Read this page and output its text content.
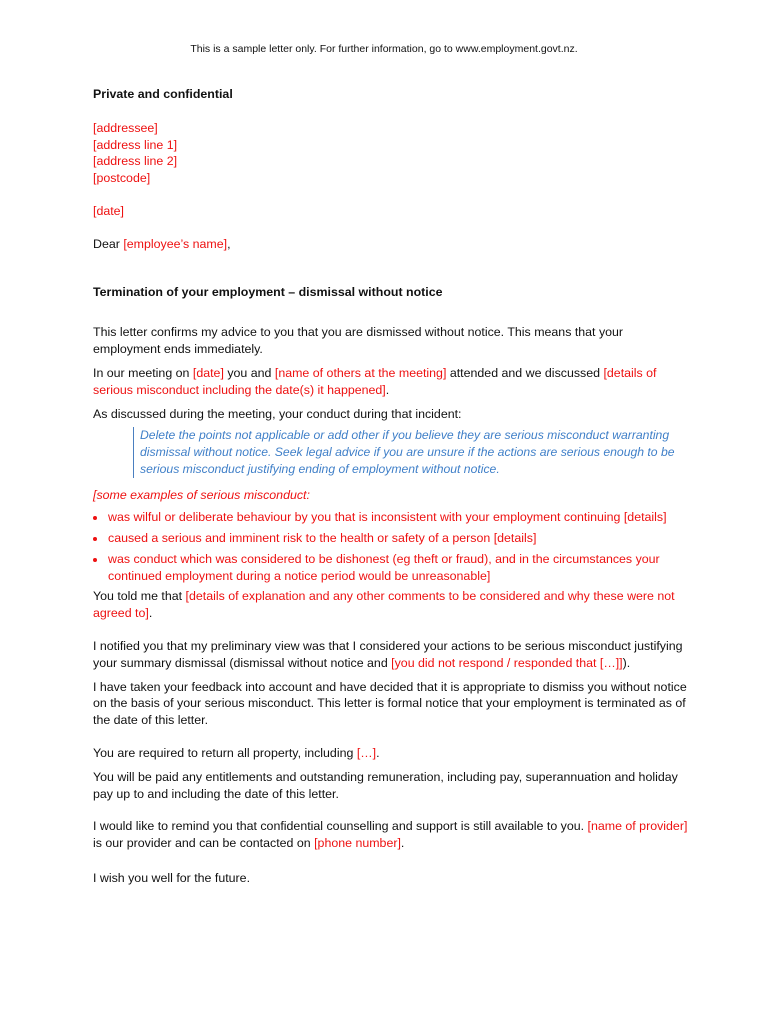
This is a sample letter only. For further information, go to www.employment.govt.nz.

Private and confidential

[addressee]

[address line 1]

[address line 2]

[postcode]

[date]

Dear [employee’s name],

Termination of your employment – dismissal without notice

This letter confirms my advice to you that you are dismissed without notice. This means that your employment ends immediately.

In our meeting on [date] you and [name of others at the meeting] attended and we discussed [details of serious misconduct including the date(s) it happened].

As discussed during the meeting, your conduct during that incident:

Delete the points not applicable or add other if you believe they are serious misconduct warranting dismissal without notice. Seek legal advice if you are unsure if the actions are serious enough to be serious misconduct justifying ending of employment without notice.

[some examples of serious misconduct:

was wilful or deliberate behaviour by you that is inconsistent with your employment continuing [details]
caused a serious and imminent risk to the health or safety of a person [details]
was conduct which was considered to be dishonest (eg theft or fraud), and in the circumstances your continued employment during a notice period would be unreasonable]

You told me that [details of explanation and any other comments to be considered and why these were not agreed to].

I notified you that my preliminary view was that I considered your actions to be serious misconduct justifying your summary dismissal (dismissal without notice and [you did not respond / responded that […]]).

I have taken your feedback into account and have decided that it is appropriate to dismiss you without notice on the basis of your serious misconduct. This letter is formal notice that your employment is terminated as of the date of this letter.

You are required to return all property, including […].

You will be paid any entitlements and outstanding remuneration, including pay, superannuation and holiday pay up to and including the date of this letter.

I would like to remind you that confidential counselling and support is still available to you. [name of provider] is our provider and can be contacted on [phone number].

I wish you well for the future.
